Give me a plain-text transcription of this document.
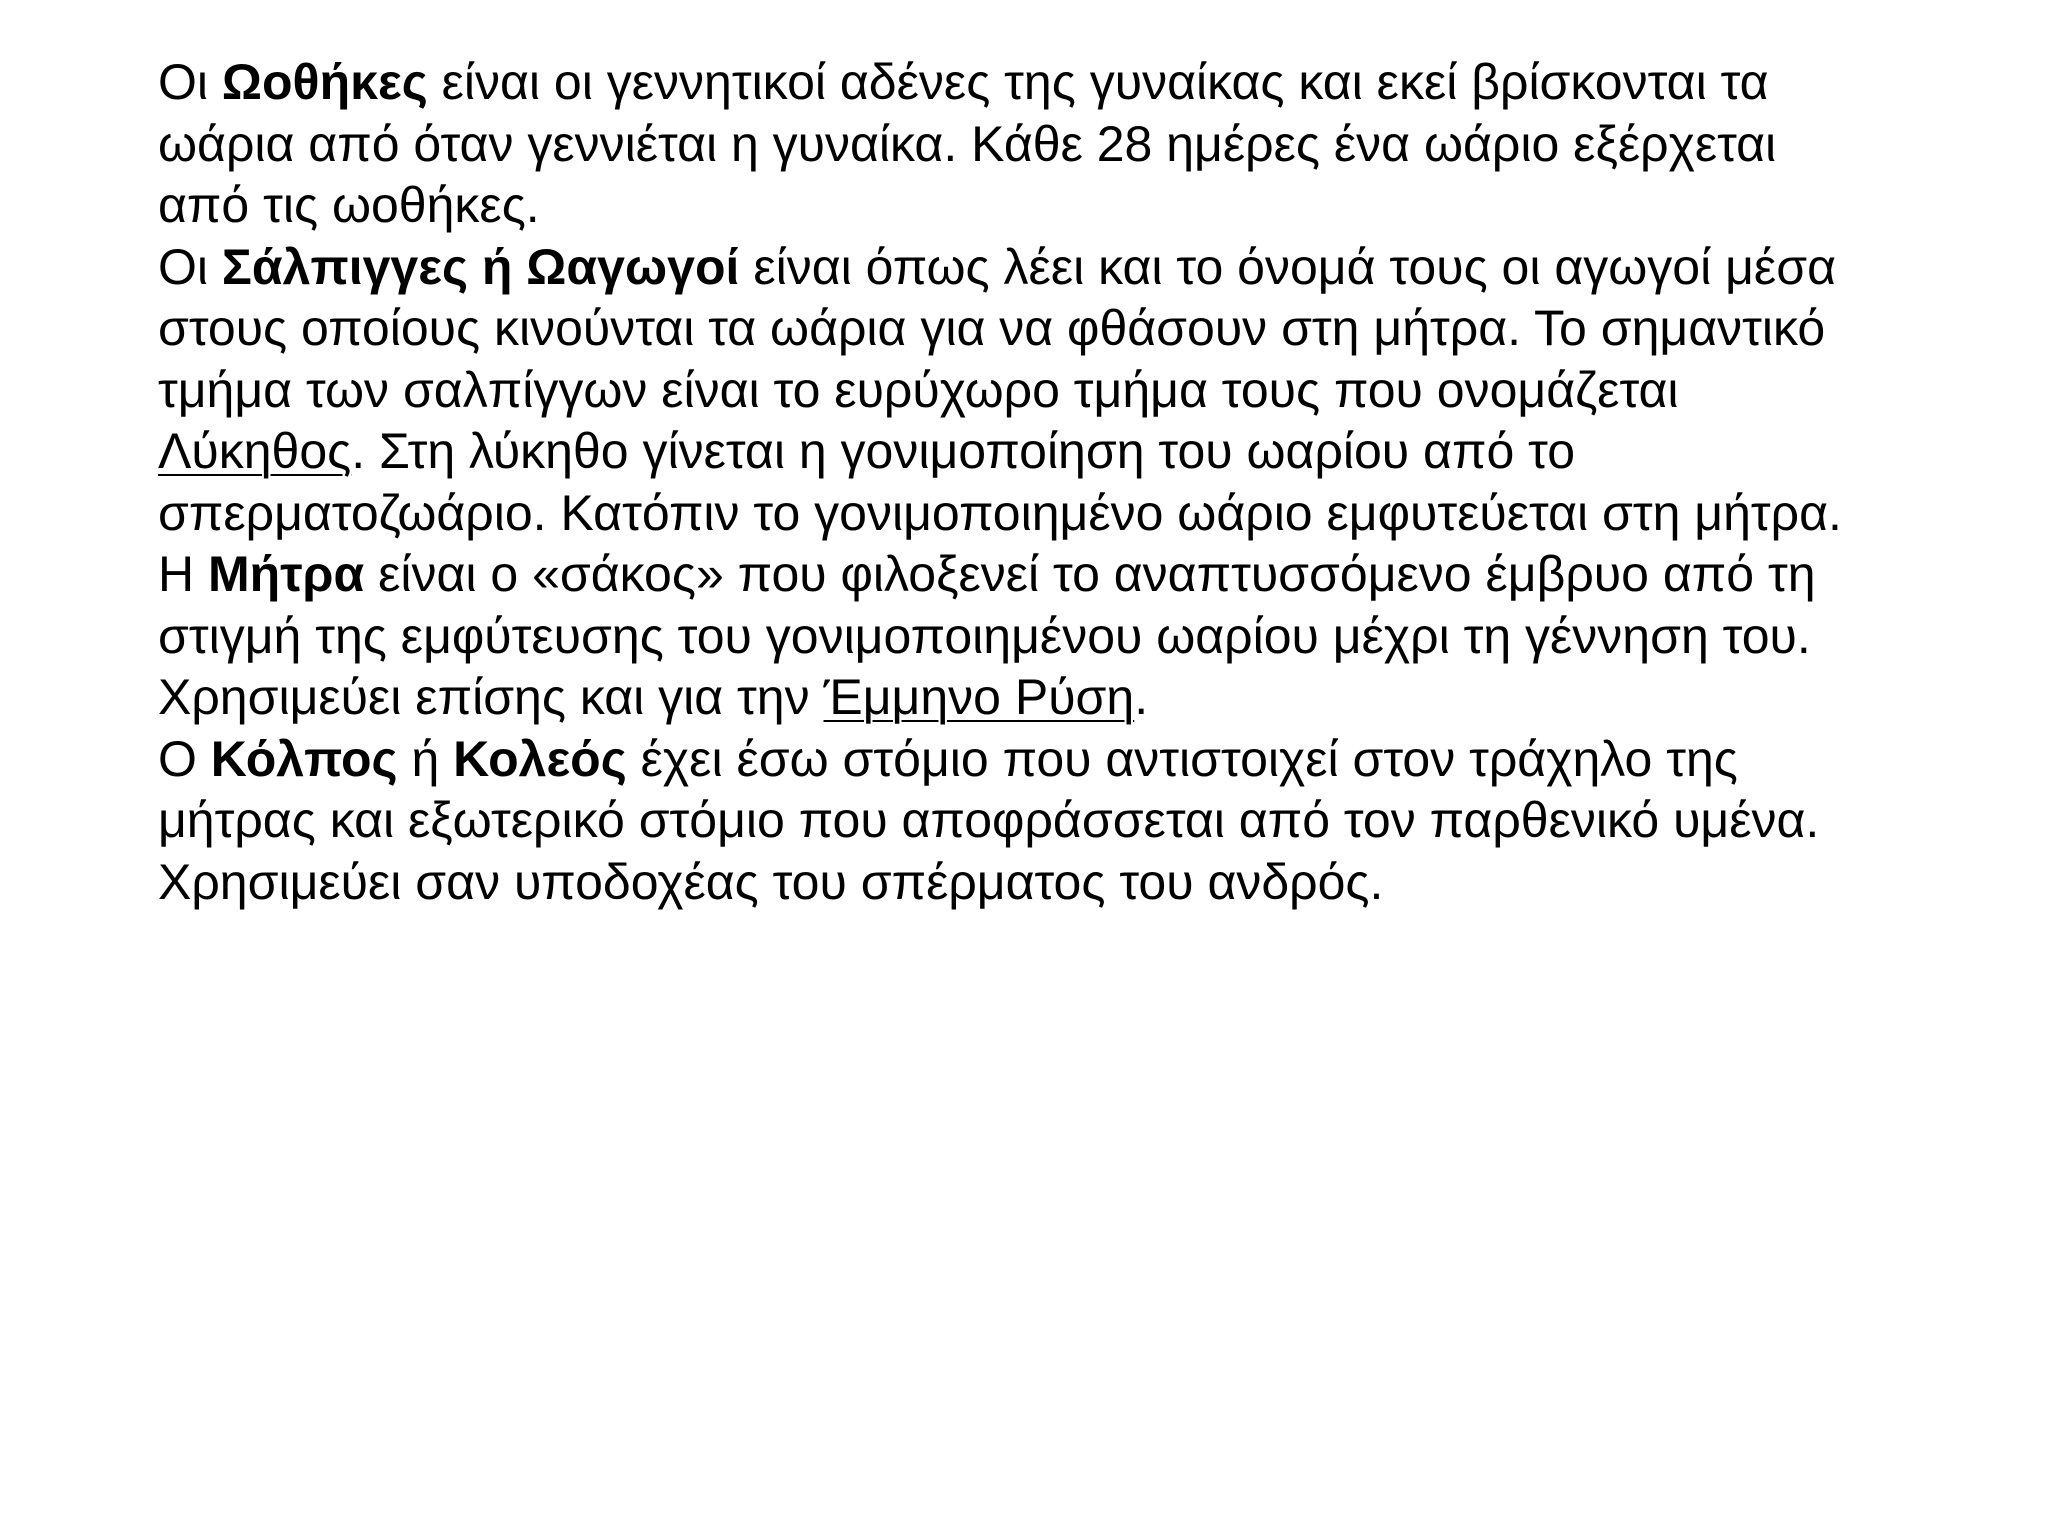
Οι Ωοθήκες είναι οι γεννητικοί αδένες της γυναίκας και εκεί βρίσκονται τα
ωάρια από όταν γεννιέται η γυναίκα. Κάθε 28 ημέρες ένα ωάριο εξέρχεται
από τις ωοθήκες.
Οι Σάλπιγγες ή Ωαγωγοί είναι όπως λέει και το όνομά τους οι αγωγοί μέσα
στους οποίους κινούνται τα ωάρια για να φθάσουν στη μήτρα. Το σημαντικό
τμήμα των σαλπίγγων είναι το ευρύχωρο τμήμα τους που ονομάζεται
Λύκηθος. Στη λύκηθο γίνεται η γονιμοποίηση του ωαρίου από το
σπερματοζωάριο. Κατόπιν το γονιμοποιημένο ωάριο εμφυτεύεται στη μήτρα.
Η Μήτρα είναι ο «σάκος» που φιλοξενεί το αναπτυσσόμενο έμβρυο από τη
στιγμή της εμφύτευσης του γονιμοποιημένου ωαρίου μέχρι τη γέννηση του.
Χρησιμεύει επίσης και για την Έμμηνο Ρύση.
Ο Κόλπος ή Κολεός έχει έσω στόμιο που αντιστοιχεί στον τράχηλο της
μήτρας και εξωτερικό στόμιο που αποφράσσεται από τον παρθενικό υμένα.
Χρησιμεύει σαν υποδοχέας του σπέρματος του ανδρός.
